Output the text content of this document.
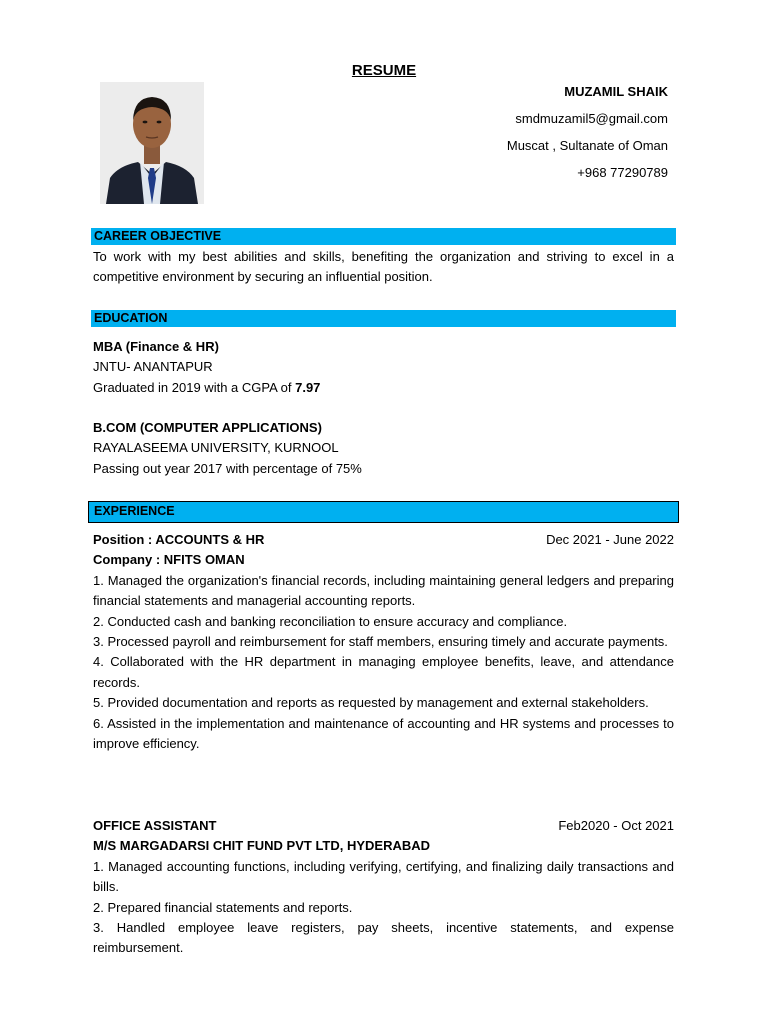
RESUME
MUZAMIL SHAIK
smdmuzamil5@gmail.com
Muscat , Sultanate of Oman
+968 77290789
CAREER OBJECTIVE
To work with my best abilities and skills, benefiting the organization and striving to excel in a competitive environment by securing an influential position.
EDUCATION

MBA (Finance & HR)

JNTU- ANANTAPUR

Graduated in 2019 with a CGPA of 7.97

B.COM (COMPUTER APPLICATIONS)

RAYALASEEMA UNIVERSITY, KURNOOL

Passing out year 2017 with percentage of 75%

EXPERIENCE
Position : ACCOUNTS & HR	Dec 2021 - June 2022

Company : NFITS OMAN

1. Managed the organization's financial records, including maintaining general ledgers and preparing financial statements and managerial accounting reports.

2. Conducted cash and banking reconciliation to ensure accuracy and compliance.

3. Processed payroll and reimbursement for staff members, ensuring timely and accurate payments.

4. Collaborated with the HR department in managing employee benefits, leave, and attendance records.

5. Provided documentation and reports as requested by management and external stakeholders.

6. Assisted in the implementation and maintenance of accounting and HR systems and processes to improve efficiency.

OFFICE ASSISTANT	Feb2020 - Oct 2021

M/S MARGADARSI CHIT FUND PVT LTD, HYDERABAD

1. Managed accounting functions, including verifying, certifying, and finalizing daily transactions and bills.

2. Prepared financial statements and reports.

3. Handled employee leave registers, pay sheets, incentive statements, and expense reimbursement.
